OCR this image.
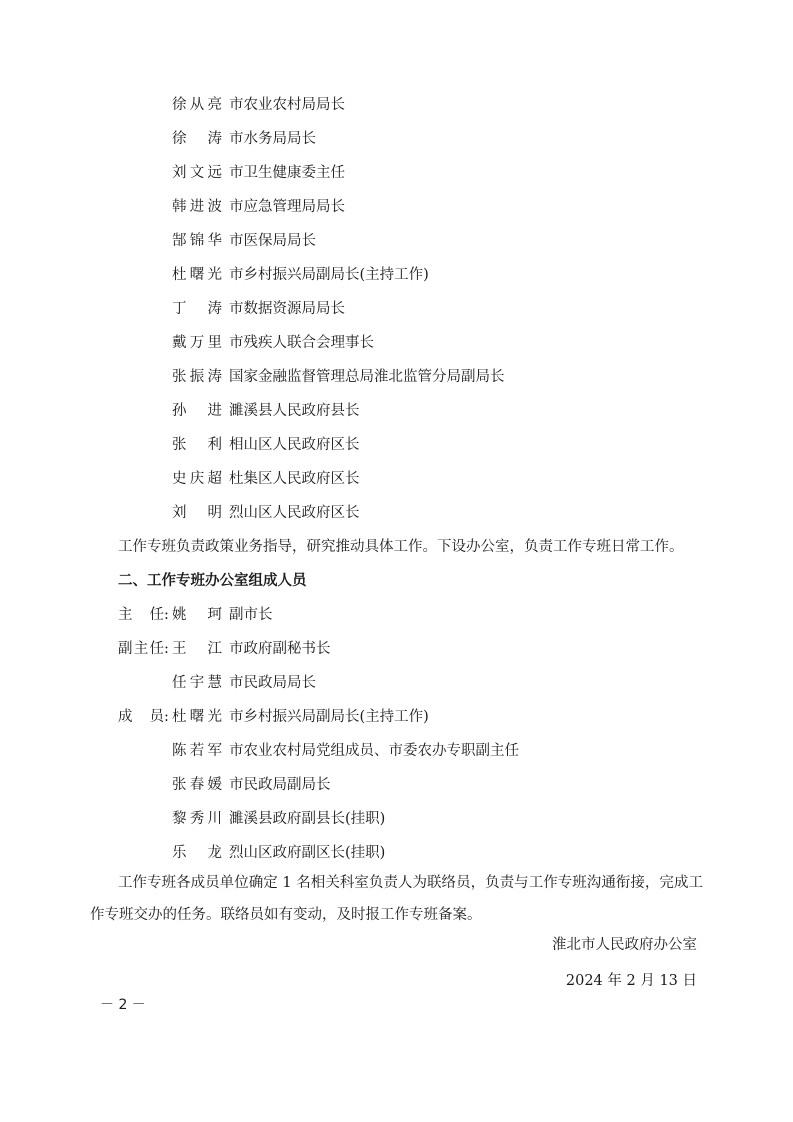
徐从亮 市农业农村局局长
徐涛 市水务局局长
刘文远 市卫生健康委主任
韩进波 市应急管理局局长
郜锦华 市医保局局长
杜曙光 市乡村振兴局副局长(主持工作)
丁涛 市数据资源局局长
戴万里 市残疾人联合会理事长
张振涛 国家金融监督管理总局淮北监管分局副局长
孙进 濉溪县人民政府县长
张利 相山区人民政府区长
史庆超 杜集区人民政府区长
刘明 烈山区人民政府区长
工作专班负责政策业务指导，研究推动具体工作。下设办公室，负责工作专班日常工作。
二、工作专班办公室组成人员
主任: 姚珂 副市长
副主任: 王江 市政府副秘书长
任宇慧 市民政局局长
成员: 杜曙光 市乡村振兴局副局长(主持工作)
陈若军 市农业农村局党组成员、市委农办专职副主任
张春媛 市民政局副局长
黎秀川 濉溪县政府副县长(挂职)
乐龙 烈山区政府副区长(挂职)
工作专班各成员单位确定 1 名相关科室负责人为联络员，负责与工作专班沟通衔接，完成工作专班交办的任务。联络员如有变动，及时报工作专班备案。
淮北市人民政府办公室
2024 年 2 月 13 日
－ 2 －
